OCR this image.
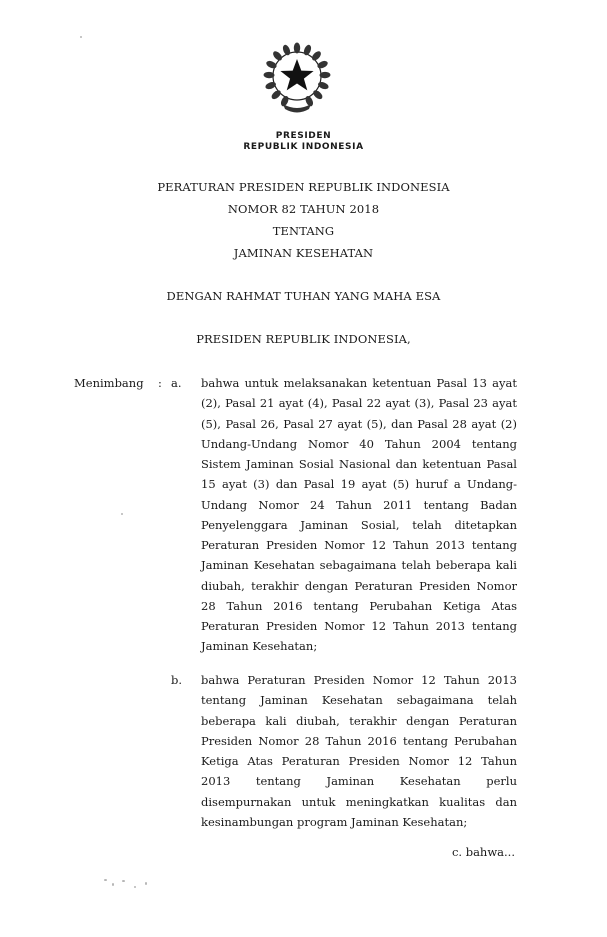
PRESIDEN
REPUBLIK INDONESIA
PERATURAN PRESIDEN REPUBLIK INDONESIA
NOMOR 82 TAHUN 2018
TENTANG
JAMINAN KESEHATAN
DENGAN RAHMAT TUHAN YANG MAHA ESA
PRESIDEN REPUBLIK INDONESIA,
Menimbang : a. bahwa untuk melaksanakan ketentuan Pasal 13 ayat (2), Pasal 21 ayat (4), Pasal 22 ayat (3), Pasal 23 ayat (5), Pasal 26, Pasal 27 ayat (5), dan Pasal 28 ayat (2) Undang-Undang Nomor 40 Tahun 2004 tentang Sistem Jaminan Sosial Nasional dan ketentuan Pasal 15 ayat (3) dan Pasal 19 ayat (5) huruf a Undang-Undang Nomor 24 Tahun 2011 tentang Badan Penyelenggara Jaminan Sosial, telah ditetapkan Peraturan Presiden Nomor 12 Tahun 2013 tentang Jaminan Kesehatan sebagaimana telah beberapa kali diubah, terakhir dengan Peraturan Presiden Nomor 28 Tahun 2016 tentang Perubahan Ketiga Atas Peraturan Presiden Nomor 12 Tahun 2013 tentang Jaminan Kesehatan;
b. bahwa Peraturan Presiden Nomor 12 Tahun 2013 tentang Jaminan Kesehatan sebagaimana telah beberapa kali diubah, terakhir dengan Peraturan Presiden Nomor 28 Tahun 2016 tentang Perubahan Ketiga Atas Peraturan Presiden Nomor 12 Tahun 2013 tentang Jaminan Kesehatan perlu disempurnakan untuk meningkatkan kualitas dan kesinambungan program Jaminan Kesehatan;
c. bahwa...
